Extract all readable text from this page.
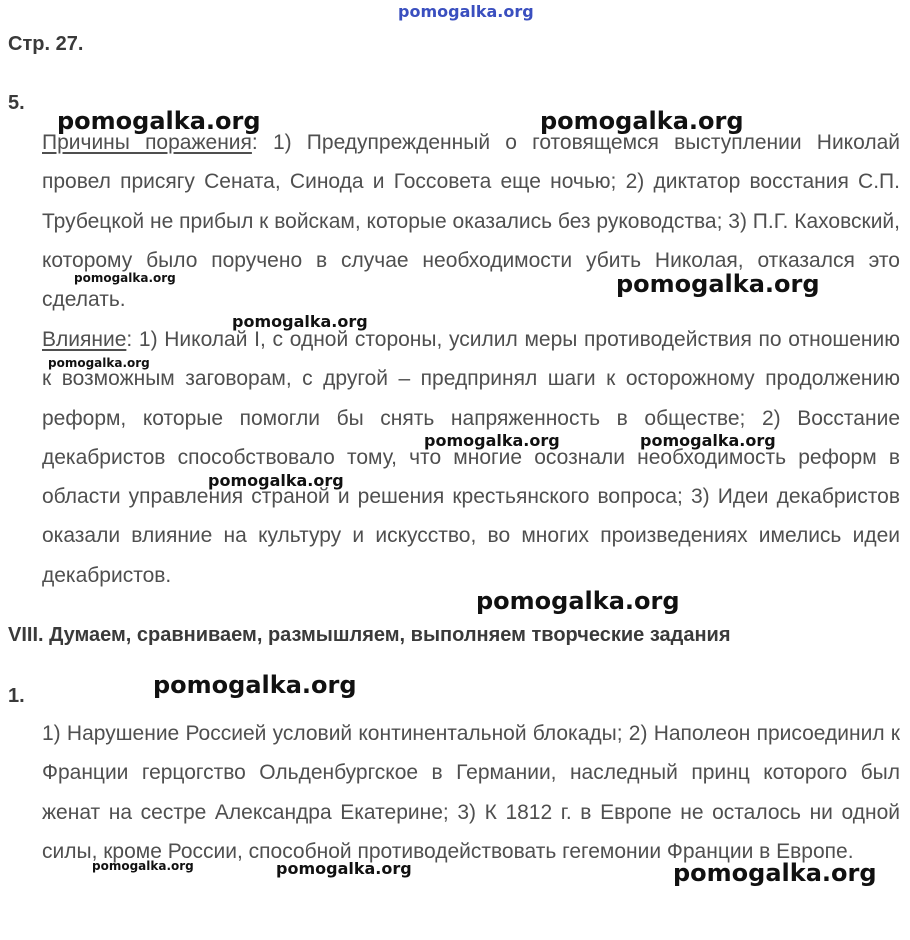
Стр. 27.
5.

Причины поражения: 1) Предупрежденный о готовящемся выступлении Николай провел присягу Сената, Синода и Госсовета еще ночью; 2) диктатор восстания С.П. Трубецкой не прибыл к войскам, которые оказались без руководства; 3) П.Г. Каховский, которому было поручено в случае необходимости убить Николая, отказался это сделать.

Влияние: 1) Николай I, с одной стороны, усилил меры противодействия по отношению к возможным заговорам, с другой – предпринял шаги к осторожному продолжению реформ, которые помогли бы снять напряженность в обществе; 2) Восстание декабристов способствовало тому, что многие осознали необходимость реформ в области управления страной и решения крестьянского вопроса; 3) Идеи декабристов оказали влияние на культуру и искусство, во многих произведениях имелись идеи декабристов.

VIII. Думаем, сравниваем, размышляем, выполняем творческие задания
1.

1) Нарушение Россией условий континентальной блокады; 2) Наполеон присоединил к Франции герцогство Ольденбургское в Германии, наследный принц которого был женат на сестре Александра Екатерине; 3) К 1812 г. в Европе не осталось ни одной силы, кроме России, способной противодействовать гегемонии Франции в Европе.

pomogalka.org
pomogalka.org	pomogalka.org
pomogalka.org	pomogalka.org
pomogalka.org
pomogalka.org
pomogalka.org	pomogalka.org
pomogalka.org
pomogalka.org
pomogalka.org
pomogalka.org	pomogalka.org	pomogalka.org
